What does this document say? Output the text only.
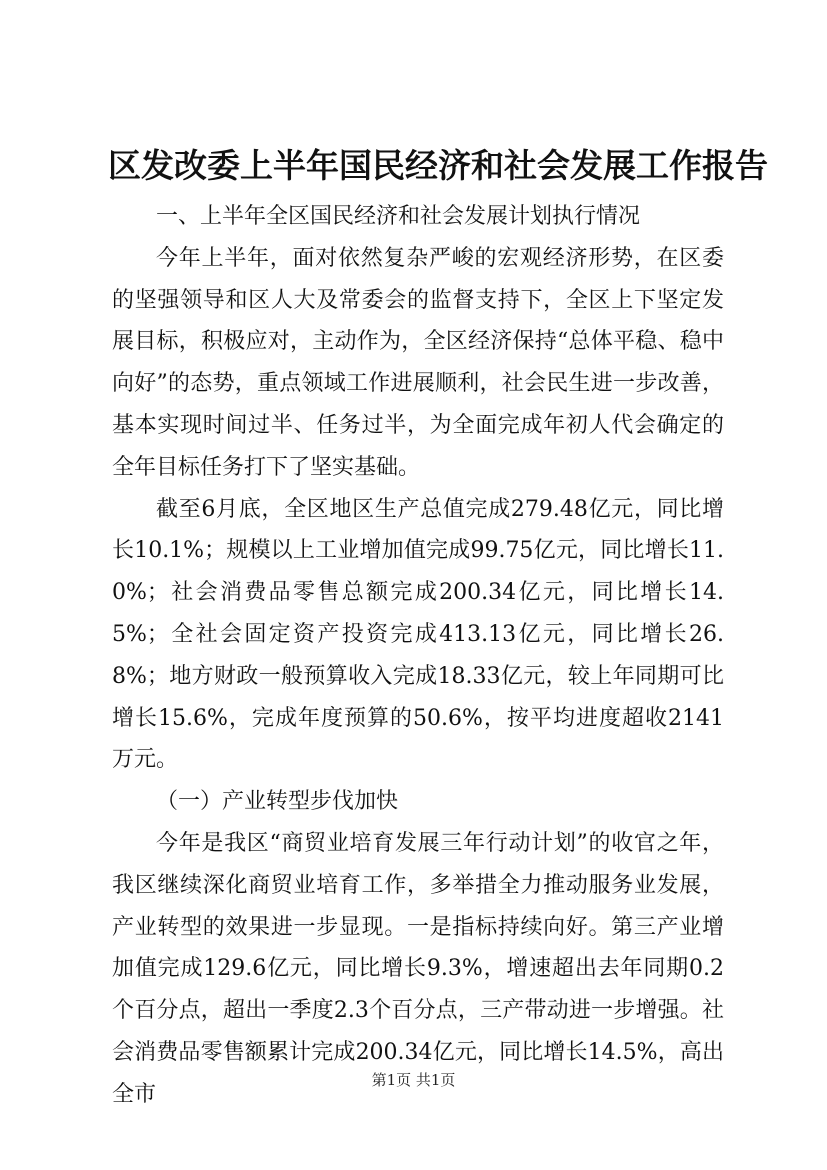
区发改委上半年国民经济和社会发展工作报告

一、上半年全区国民经济和社会发展计划执行情况

今年上半年，面对依然复杂严峻的宏观经济形势，在区委的坚强领导和区人大及常委会的监督支持下，全区上下坚定发展目标，积极应对，主动作为，全区经济保持“总体平稳、稳中向好”的态势，重点领域工作进展顺利，社会民生进一步改善，基本实现时间过半、任务过半，为全面完成年初人代会确定的全年目标任务打下了坚实基础。

截至6月底，全区地区生产总值完成279.48亿元，同比增长10.1%；规模以上工业增加值完成99.75亿元，同比增长11.0%；社会消费品零售总额完成200.34亿元，同比增长14.5%；全社会固定资产投资完成413.13亿元，同比增长26.8%；地方财政一般预算收入完成18.33亿元，较上年同期可比增长15.6%，完成年度预算的50.6%，按平均进度超收2141万元。

（一）产业转型步伐加快

今年是我区“商贸业培育发展三年行动计划”的收官之年，我区继续深化商贸业培育工作，多举措全力推动服务业发展，产业转型的效果进一步显现。一是指标持续向好。第三产业增加值完成129.6亿元，同比增长9.3%，增速超出去年同期0.2个百分点，超出一季度2.3个百分点，三产带动进一步增强。社会消费品零售额累计完成200.34亿元，同比增长14.5%，高出全市

第1页 共1页
